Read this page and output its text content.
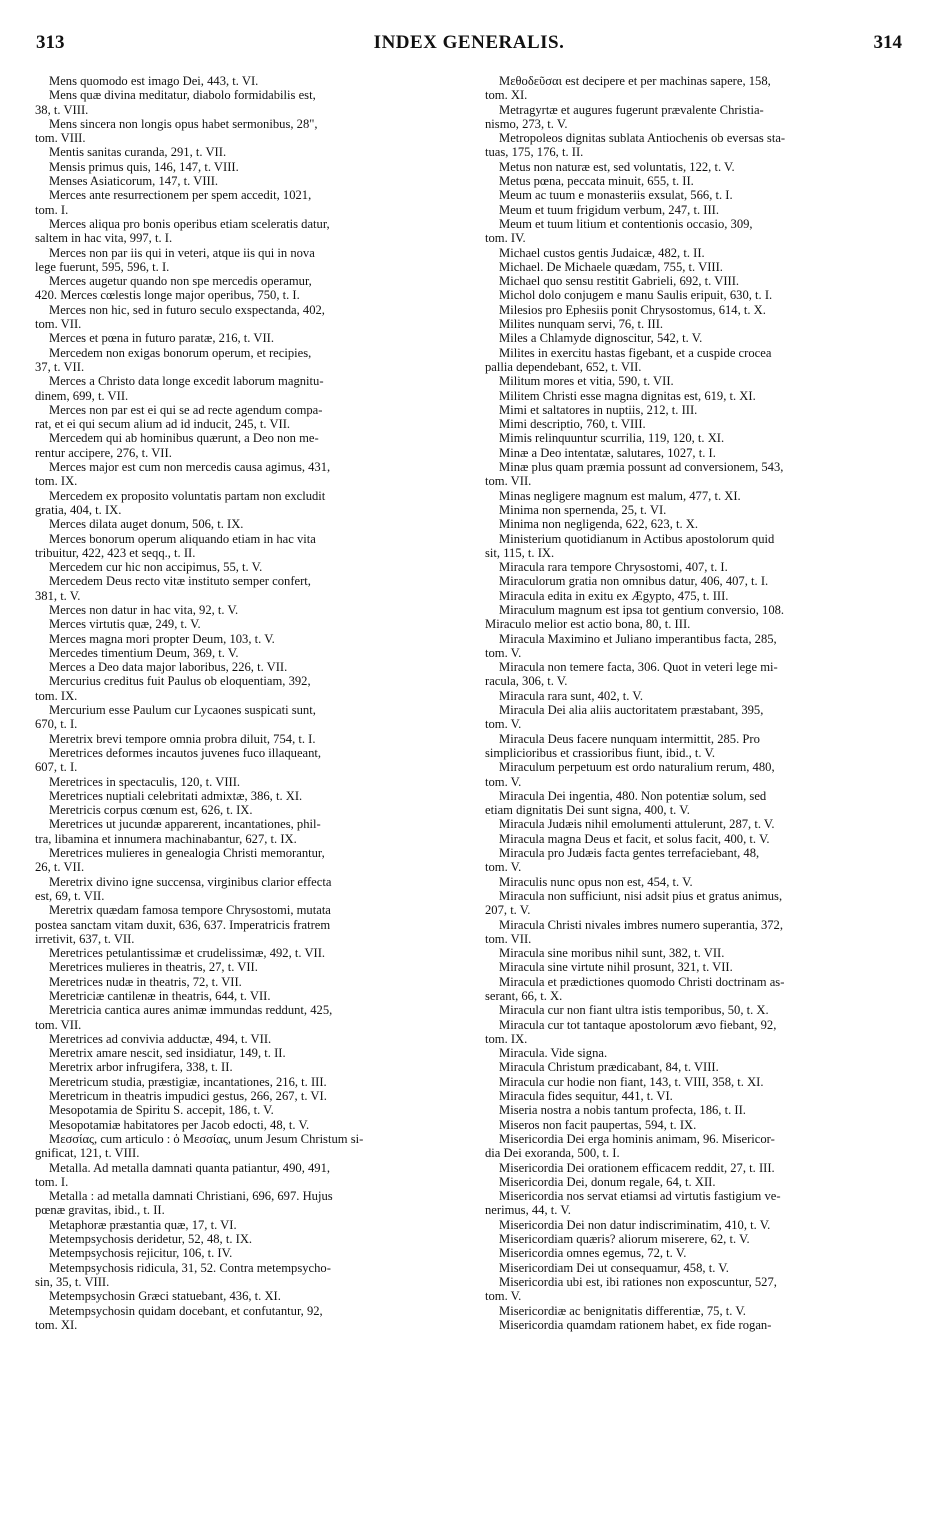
313	INDEX GENERALIS.	314
Mens quomodo est imago Dei, 443, t. VI.
Mens quæ divina meditatur, diabolo formidabilis est,
38, t. VIII.
Mens sincera non longis opus habet sermonibus, 28",
tom. VIII.
Mentis sanitas curanda, 291, t. VII.
Mensis primus quis, 146, 147, t. VIII.
Menses Asiaticorum, 147, t. VIII.
Merces ante resurrectionem per spem accedit, 1021,
tom. I.
Merces aliqua pro bonis operibus etiam sceleratis datur,
saltem in hac vita, 997, t. I.
Merces non par iis qui in veteri, atque iis qui in nova
lege fuerunt, 595, 596, t. I.
Merces augetur quando non spe mercedis operamur,
420. Merces cœlestis longe major operibus, 750, t. I.
Merces non hic, sed in futuro seculo exspectanda, 402,
tom. VII.
Merces et pœna in futuro paratæ, 216, t. VII.
Mercedem non exigas bonorum operum, et recipies,
37, t. VII.
Merces a Christo data longe excedit laborum magnitu-
dinem, 699, t. VII.
Merces non par est ei qui se ad recte agendum compa-
rat, et ei qui secum alium ad id inducit, 245, t. VII.
Mercedem qui ab hominibus quærunt, a Deo non me-
rentur accipere, 276, t. VII.
Merces major est cum non mercedis causa agimus, 431,
tom. IX.
Mercedem ex proposito voluntatis partam non excludit
gratia, 404, t. IX.
Merces dilata auget donum, 506, t. IX.
Merces bonorum operum aliquando etiam in hac vita
tribuitur, 422, 423 et seqq., t. II.
Mercedem cur hic non accipimus, 55, t. V.
Mercedem Deus recto vitæ instituto semper confert,
381, t. V.
Merces non datur in hac vita, 92, t. V.
Merces virtutis quæ, 249, t. V.
Merces magna mori propter Deum, 103, t. V.
Mercedes timentium Deum, 369, t. V.
Merces a Deo data major laboribus, 226, t. VII.
Mercurius creditus fuit Paulus ob eloquentiam, 392,
tom. IX.
Mercurium esse Paulum cur Lycaones suspicati sunt,
670, t. I.
Meretrix brevi tempore omnia probra diluit, 754, t. I.
Meretrices deformes incautos juvenes fuco illaqueant,
607, t. I.
Meretrices in spectaculis, 120, t. VIII.
Meretrices nuptiali celebritati admixtæ, 386, t. XI.
Meretricis corpus cœnum est, 626, t. IX.
Meretrices ut jucundæ apparerent, incantationes, phil-
tra, libamina et innumera machinabantur, 627, t. IX.
Meretrices mulieres in genealogia Christi memorantur,
26, t. VII.
Meretrix divino igne succensa, virginibus clarior effecta
est, 69, t. VII.
Meretrix quædam famosa tempore Chrysostomi, mutata
postea sanctam vitam duxit, 636, 637. Imperatricis fratrem
irretivit, 637, t. VII.
Meretrices petulantissimæ et crudelissimæ, 492, t. VII.
Meretrices mulieres in theatris, 27, t. VII.
Meretrices nudæ in theatris, 72, t. VII.
Meretriciæ cantilenæ in theatris, 644, t. VII.
Meretricia cantica aures animæ immundas reddunt, 425,
tom. VII.
Meretrices ad convivia adductæ, 494, t. VII.
Meretrix amare nescit, sed insidiatur, 149, t. II.
Meretrix arbor infrugifera, 338, t. II.
Meretricum studia, præstigiæ, incantationes, 216, t. III.
Meretricum in theatris impudici gestus, 266, 267, t. VI.
Mesopotamia de Spiritu S. accepit, 186, t. V.
Mesopotamiæ habitatores per Jacob edocti, 48, t. V.
Μεσσίας, cum articulo : ὁ Μεσσίας, unum Jesum Christum si-
gnificat, 121, t. VIII.
Metalla. Ad metalla damnati quanta patiantur, 490, 491,
tom. I.
Metalla : ad metalla damnati Christiani, 696, 697. Hujus
pœnæ gravitas, ibid., t. II.
Metaphoræ præstantia quæ, 17, t. VI.
Metempsychosis deridetur, 52, 48, t. IX.
Metempsychosis rejicitur, 106, t. IV.
Metempsychosis ridicula, 31, 52. Contra metempsycho-
sin, 35, t. VIII.
Metempsychosin Græci statuebant, 436, t. XI.
Metempsychosin quidam docebant, et confutantur, 92,
tom. XI.
Μεθοδεῦσαι est decipere et per machinas sapere, 158,
tom. XI.
Metragyrtæ et augures fugerunt prævalente Christia-
nismo, 273, t. V.
Metropoleos dignitas sublata Antiochenis ob eversas sta-
tuas, 175, 176, t. II.
Metus non naturæ est, sed voluntatis, 122, t. V.
Metus pœna, peccata minuit, 655, t. II.
Meum ac tuum e monasteriis exsulat, 566, t. I.
Meum et tuum frigidum verbum, 247, t. III.
Meum et tuum litium et contentionis occasio, 309,
tom. IV.
Michael custos gentis Judaicæ, 482, t. II.
Michael. De Michaele quædam, 755, t. VIII.
Michael quo sensu restitit Gabrieli, 692, t. VIII.
Michol dolo conjugem e manu Saulis eripuit, 630, t. I.
Milesios pro Ephesiis ponit Chrysostomus, 614, t. X.
Milites nunquam servi, 76, t. III.
Miles a Chlamyde dignoscitur, 542, t. V.
Milites in exercitu hastas figebant, et a cuspide crocea
pallia dependebant, 652, t. VII.
Militum mores et vitia, 590, t. VII.
Militem Christi esse magna dignitas est, 619, t. XI.
Mimi et saltatores in nuptiis, 212, t. III.
Mimi descriptio, 760, t. VIII.
Mimis relinquuntur scurrilia, 119, 120, t. XI.
Minæ a Deo intentatæ, salutares, 1027, t. I.
Minæ plus quam præmia possunt ad conversionem, 543,
tom. VII.
Minas negligere magnum est malum, 477, t. XI.
Minima non spernenda, 25, t. VI.
Minima non negligenda, 622, 623, t. X.
Ministerium quotidianum in Actibus apostolorum quid
sit, 115, t. IX.
Miracula rara tempore Chrysostomi, 407, t. I.
Miraculorum gratia non omnibus datur, 406, 407, t. I.
Miracula edita in exitu ex Ægypto, 475, t. III.
Miraculum magnum est ipsa tot gentium conversio, 108.
Miraculo melior est actio bona, 80, t. III.
Miracula Maximino et Juliano imperantibus facta, 285,
tom. V.
Miracula non temere facta, 306. Quot in veteri lege mi-
racula, 306, t. V.
Miracula rara sunt, 402, t. V.
Miracula Dei alia aliis auctoritatem præstabant, 395,
tom. V.
Miracula Deus facere nunquam intermittit, 285. Pro
simplicioribus et crassioribus fiunt, ibid., t. V.
Miraculum perpetuum est ordo naturalium rerum, 480,
tom. V.
Miracula Dei ingentia, 480. Non potentiæ solum, sed
etiam dignitatis Dei sunt signa, 400, t. V.
Miracula Judæis nihil emolumenti attulerunt, 287, t. V.
Miracula magna Deus et facit, et solus facit, 400, t. V.
Miracula pro Judæis facta gentes terrefaciebant, 48,
tom. V.
Miraculis nunc opus non est, 454, t. V.
Miracula non sufficiunt, nisi adsit pius et gratus animus,
207, t. V.
Miracula Christi nivales imbres numero superantia, 372,
tom. VII.
Miracula sine moribus nihil sunt, 382, t. VII.
Miracula sine virtute nihil prosunt, 321, t. VII.
Miracula et prædictiones quomodo Christi doctrinam as-
serant, 66, t. X.
Miracula cur non fiant ultra istis temporibus, 50, t. X.
Miracula cur tot tantaque apostolorum ævo fiebant, 92,
tom. IX.
Miracula. Vide signa.
Miracula Christum prædicabant, 84, t. VIII.
Miracula cur hodie non fiant, 143, t. VIII, 358, t. XI.
Miracula fides sequitur, 441, t. VI.
Miseria nostra a nobis tantum profecta, 186, t. II.
Miseros non facit paupertas, 594, t. IX.
Misericordia Dei erga hominis animam, 96. Misericor-
dia Dei exoranda, 500, t. I.
Misericordia Dei orationem efficacem reddit, 27, t. III.
Misericordia Dei, donum regale, 64, t. XII.
Misericordia nos servat etiamsi ad virtutis fastigium ve-
nerimus, 44, t. V.
Misericordia Dei non datur indiscriminatim, 410, t. V.
Misericordiam quæris? aliorum miserere, 62, t. V.
Misericordia omnes egemus, 72, t. V.
Misericordiam Dei ut consequamur, 458, t. V.
Misericordia ubi est, ibi rationes non exposcuntur, 527,
tom. V.
Misericordiæ ac benignitatis differentiæ, 75, t. V.
Misericordia quamdam rationem habet, ex fide rogan-
